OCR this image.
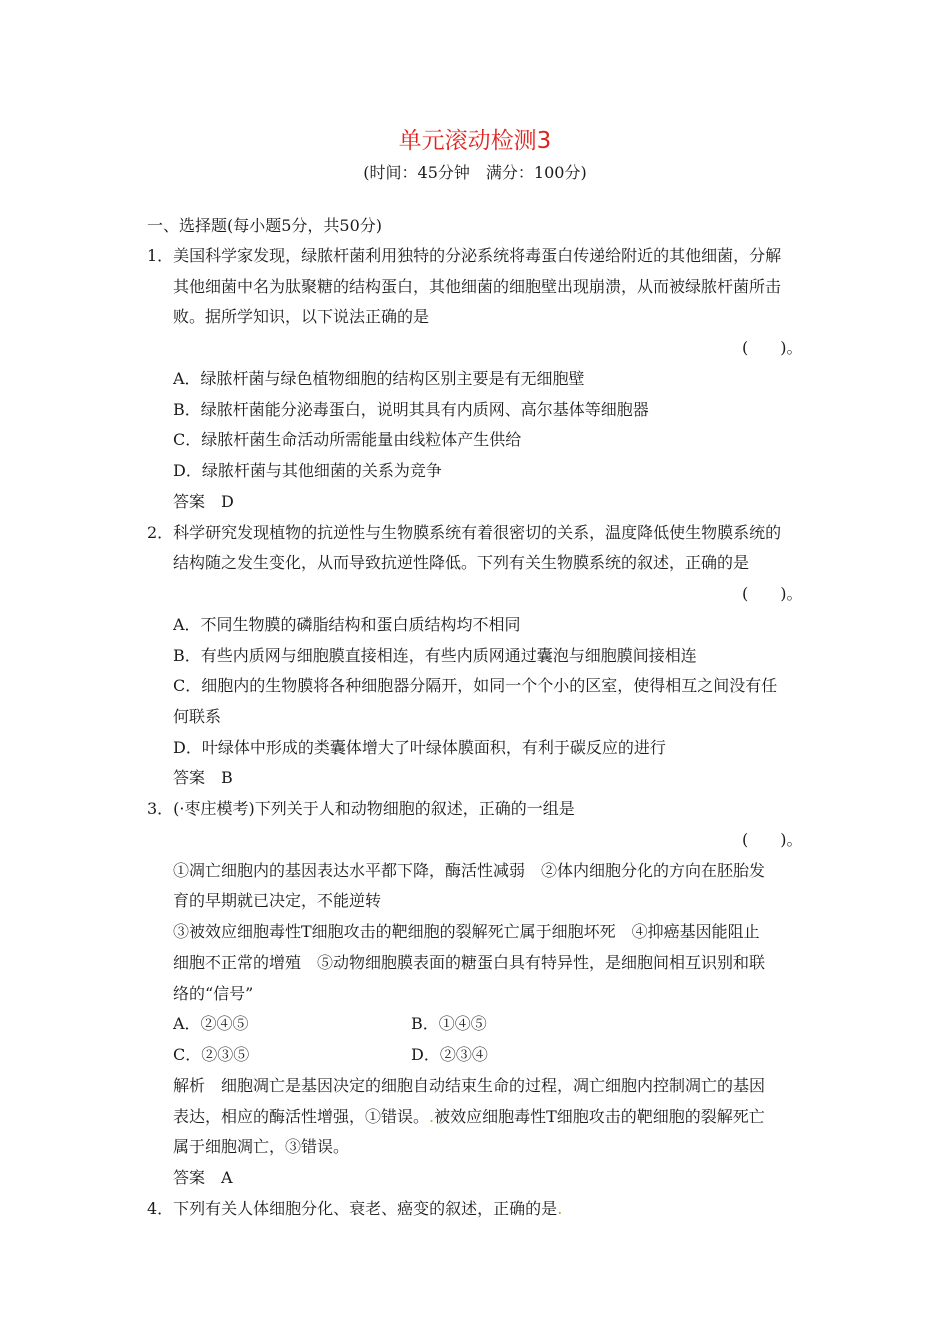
单元滚动检测3
(时间：45分钟　满分：100分)
一、选择题(每小题5分，共50分)
1．美国科学家发现，绿脓杆菌利用独特的分泌系统将毒蛋白传递给附近的其他细菌，分解
其他细菌中名为肽聚糖的结构蛋白，其他细菌的细胞壁出现崩溃，从而被绿脓杆菌所击
败。据所学知识，以下说法正确的是
(　　)。
A．绿脓杆菌与绿色植物细胞的结构区别主要是有无细胞壁
B．绿脓杆菌能分泌毒蛋白，说明其具有内质网、高尔基体等细胞器
C．绿脓杆菌生命活动所需能量由线粒体产生供给
D．绿脓杆菌与其他细菌的关系为竞争
答案　D
2．科学研究发现植物的抗逆性与生物膜系统有着很密切的关系，温度降低使生物膜系统的
结构随之发生变化，从而导致抗逆性降低。下列有关生物膜系统的叙述，正确的是
(　　)。
A．不同生物膜的磷脂结构和蛋白质结构均不相同
B．有些内质网与细胞膜直接相连，有些内质网通过囊泡与细胞膜间接相连
C．细胞内的生物膜将各种细胞器分隔开，如同一个个小的区室，使得相互之间没有任
何联系
D．叶绿体中形成的类囊体增大了叶绿体膜面积，有利于碳反应的进行
答案　B
3．(·枣庄模考)下列关于人和动物细胞的叙述，正确的一组是
(　　)。
①凋亡细胞内的基因表达水平都下降，酶活性减弱　②体内细胞分化的方向在胚胎发
育的早期就已决定，不能逆转
③被效应细胞毒性T细胞攻击的靶细胞的裂解死亡属于细胞坏死　④抑癌基因能阻止
细胞不正常的增殖　⑤动物细胞膜表面的糖蛋白具有特异性，是细胞间相互识别和联
络的“信号”
A．②④⑤	B．①④⑤
C．②③⑤	D．②③④
解析　细胞凋亡是基因决定的细胞自动结束生命的过程，凋亡细胞内控制凋亡的基因
表达，相应的酶活性增强，①错误。.被效应细胞毒性T细胞攻击的靶细胞的裂解死亡
属于细胞凋亡，③错误。
答案　A
4．下列有关人体细胞分化、衰老、癌变的叙述，正确的是.
